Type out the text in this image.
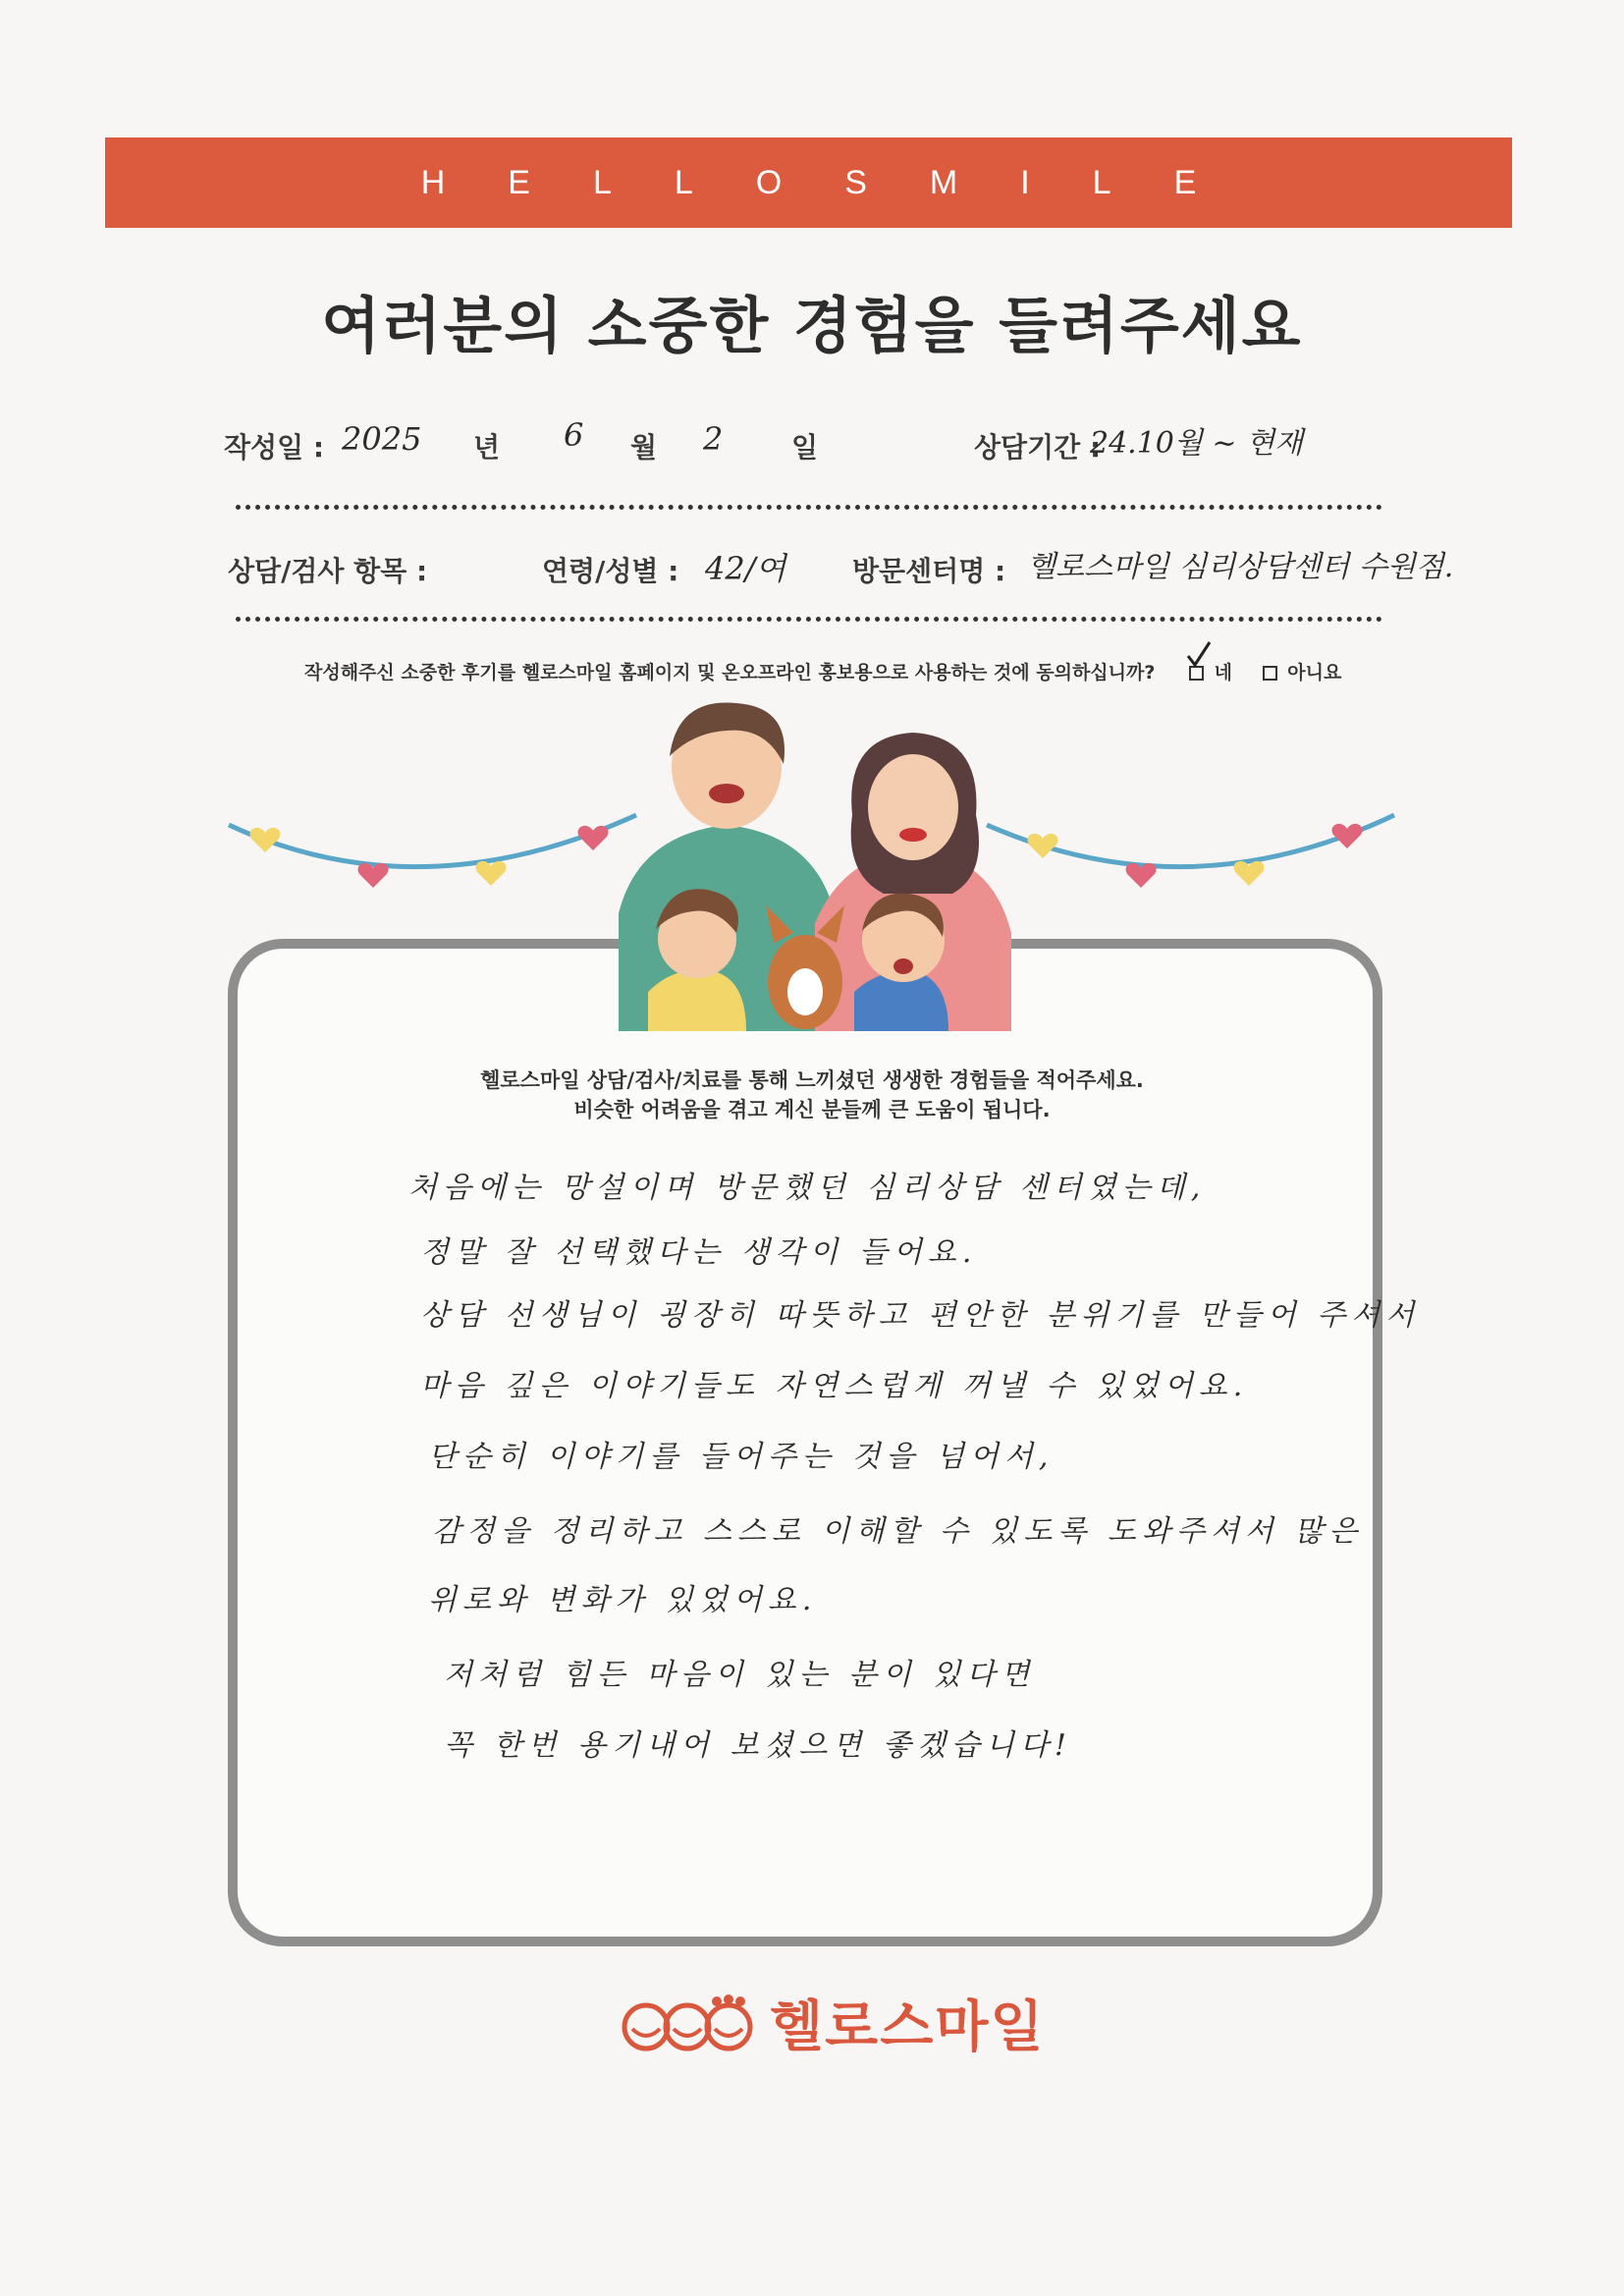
HELLOSMILE
여러분의 소중한 경험을 들려주세요
작성일 : 2025 년 6 월 2 일	상담기간 :
24.10월 ~ 현재
상담/검사 항목 :	연령/성별 : 42/여 방문센터명 : 헬로스마일 심리상담센터 수원점.
작성해주신 소중한 후기를 헬로스마일 홈페이지 및 온오프라인 홍보용으로 사용하는 것에 동의하십니까?	네	아니요
헬로스마일 상담/검사/치료를 통해 느끼셨던 생생한 경험들을 적어주세요.
비슷한 어려움을 겪고 계신 분들께 큰 도움이 됩니다.
처음에는 망설이며 방문했던 심리상담 센터였는데,
정말 잘 선택했다는 생각이 들어요.
상담 선생님이 굉장히 따뜻하고 편안한 분위기를 만들어 주셔서
마음 깊은 이야기들도 자연스럽게 꺼낼 수 있었어요.
단순히 이야기를 들어주는 것을 넘어서,
감정을 정리하고 스스로 이해할 수 있도록 도와주셔서 많은
위로와 변화가 있었어요.
저처럼 힘든 마음이 있는 분이 있다면
꼭 한번 용기내어 보셨으면 좋겠습니다!
헬로스마일
